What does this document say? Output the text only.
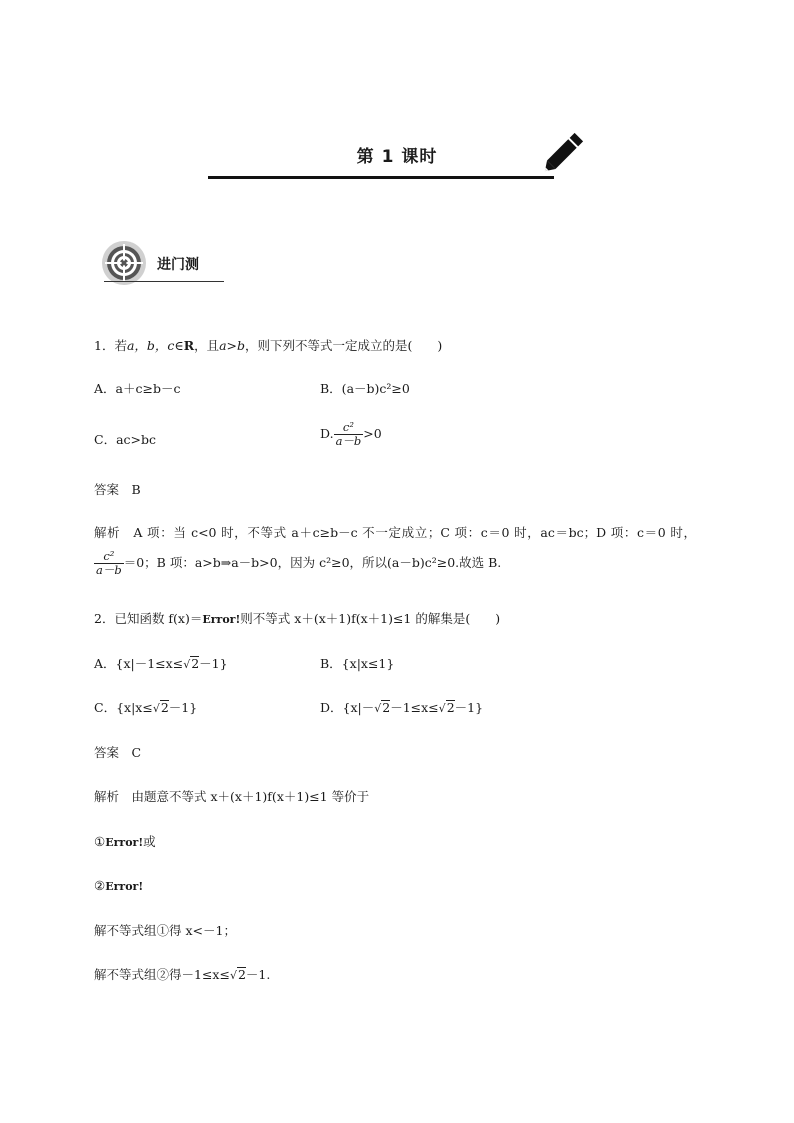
第 1 课时
进门测
1．若a，b，c∈R，且a>b，则下列不等式一定成立的是(　　)
A．a＋c≥b－c	B．(a－b)c²≥0
C．ac>bc	D. $\frac{\text{c²}}{a-b} >0$
答案　 B
解析　 A 项：当 c<0 时，不等式 a＋c≥b－c 不一定成立；C 项：c＝0 时，ac＝bc；D 项：c＝0 时，
$\frac{\text{c²}}{a-b} =0$；B 项：a>b⇒a－b>0，因为 c²≥0，所以(a－b)c²≥0.故选 B.
2．已知函数 f(x)＝Error!则不等式 x＋(x＋1)f(x＋1)≤1 的解集是(　　)
A．{x|－1≤x≤√2－1}	B．{x|x≤1}
C．{x|x≤√2－1}	D．{x|－√2－1≤x≤√2－1}
答案　 C
解析　 由题意不等式 x＋(x＋1)f(x＋1)≤1 等价于
①Error!或
②Error!
解不等式组①得 x<－1；
解不等式组②得－1≤x≤√2－1.
